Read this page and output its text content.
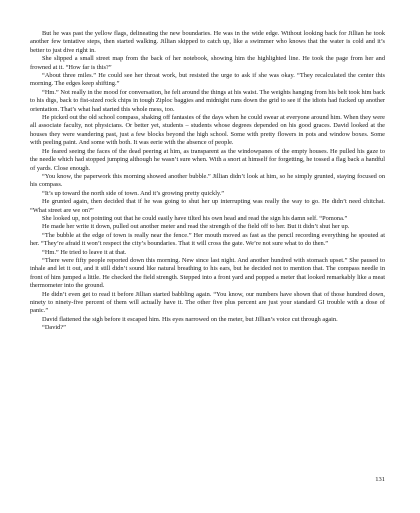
But he was past the yellow flags, delineating the new boundaries. He was in the wide edge. Without looking back for Jillian he took another few tentative steps, then started walking. Jillian skipped to catch up, like a swimmer who knows that the water is cold and it’s better to just dive right in.

She slipped a small street map from the back of her notebook, showing him the highlighted line. He took the page from her and frowned at it. “How far is this?”

“About three miles.” He could see her throat work, but resisted the urge to ask if she was okay. “They recalculated the center this morning. The edges keep shifting.”

“Hm.” Not really in the mood for conversation, he felt around the things at his waist. The weights hanging from his belt took him back to his digs, back to fist-sized rock chips in tough Ziploc baggies and midnight runs down the grid to see if the idiots had fucked up another orientation. That’s what had started this whole mess, too.

He picked out the old school compass, shaking off fantasies of the days when he could swear at everyone around him. When they were all associate faculty, not physicians. Or better yet, students – students whose degrees depended on his good graces. David looked at the houses they were wandering past, just a few blocks beyond the high school. Some with pretty flowers in pots and window boxes. Some with peeling paint. And some with both. It was eerie with the absence of people.

He feared seeing the faces of the dead peering at him, as transparent as the windowpanes of the empty houses. He pulled his gaze to the needle which had stopped jumping although he wasn’t sure when. With a snort at himself for forgetting, he tossed a flag back a handful of yards. Close enough.

“You know, the paperwork this morning showed another bubble.” Jillian didn’t look at him, so he simply grunted, staying focused on his compass.

“It’s up toward the north side of town. And it’s growing pretty quickly.”

He grunted again, then decided that if he was going to shut her up interrupting was really the way to go. He didn’t need chitchat. “What street are we on?”

She looked up, not pointing out that he could easily have tilted his own head and read the sign his damn self. “Pomona.”

He made her write it down, pulled out another meter and read the strength of the field off to her. But it didn’t shut her up.

“The bubble at the edge of town is really near the fence.” Her mouth moved as fast as the pencil recording everything he spouted at her. “They’re afraid it won’t respect the city’s boundaries. That it will cross the gate. We’re not sure what to do then.”

“Hm.” He tried to leave it at that.

“There were fifty people reported down this morning. New since last night. And another hundred with stomach upset.” She paused to inhale and let it out, and it still didn’t sound like natural breathing to his ears, but he decided not to mention that. The compass needle in front of him jumped a little. He checked the field strength. Stepped into a front yard and popped a meter that looked remarkably like a meat thermometer into the ground.

He didn’t even get to read it before Jillian started babbling again. “You know, our numbers have shown that of those hundred down, ninety to ninety-five percent of them will actually have it. The other five plus percent are just your standard GI trouble with a dose of panic.”

David flattened the sigh before it escaped him. His eyes narrowed on the meter, but Jillian’s voice cut through again.

“David?”

131
